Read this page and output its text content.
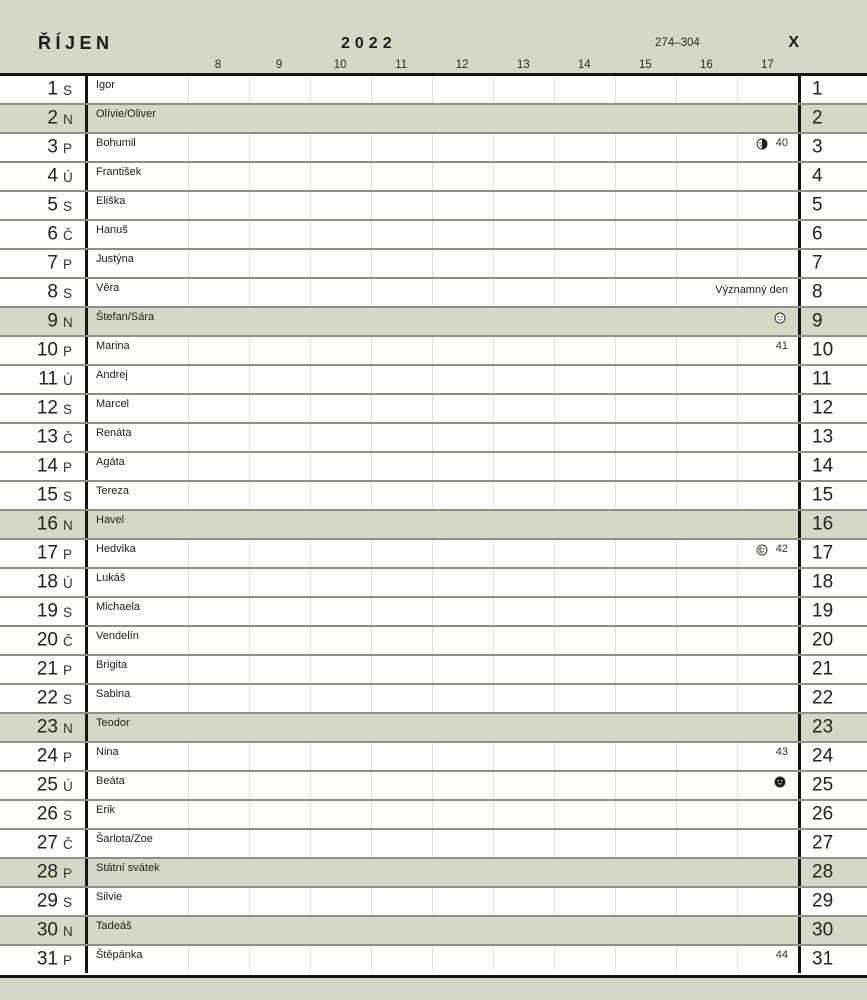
ŘÍJEN	2022	274–304	X
8	9	10	11	12	13	14	15	16	17
1 S Igor	1
2 N Olívie/Oliver	2
3 P Bohumil	40 3
4 Ú František	4
5 S Eliška	5
6 Č Hanuš	6
7 P Justýna	7
8 S Věra	Významný den 8
9 N Štefan/Sára	9
10 P Marina	41 10
11 Ú Andrej	11
12 S Marcel	12
13 Č Renáta	13
14 P Agáta	14
15 S Tereza	15
16 N Havel	16
17 P Hedvika	42 17
18 Ú Lukáš	18
19 S Michaela	19
20 Č Vendelín	20
21 P Brigita	21
22 S Sabina	22
23 N Teodor	23
24 P Nina	43 24
25 Ú Beáta	25
26 S Erik	26
27 Č Šarlota/Zoe	27
28 P Státní svátek	28
29 S Silvie	29
30 N Tadeáš	30
31 P Štěpánka	44 31
